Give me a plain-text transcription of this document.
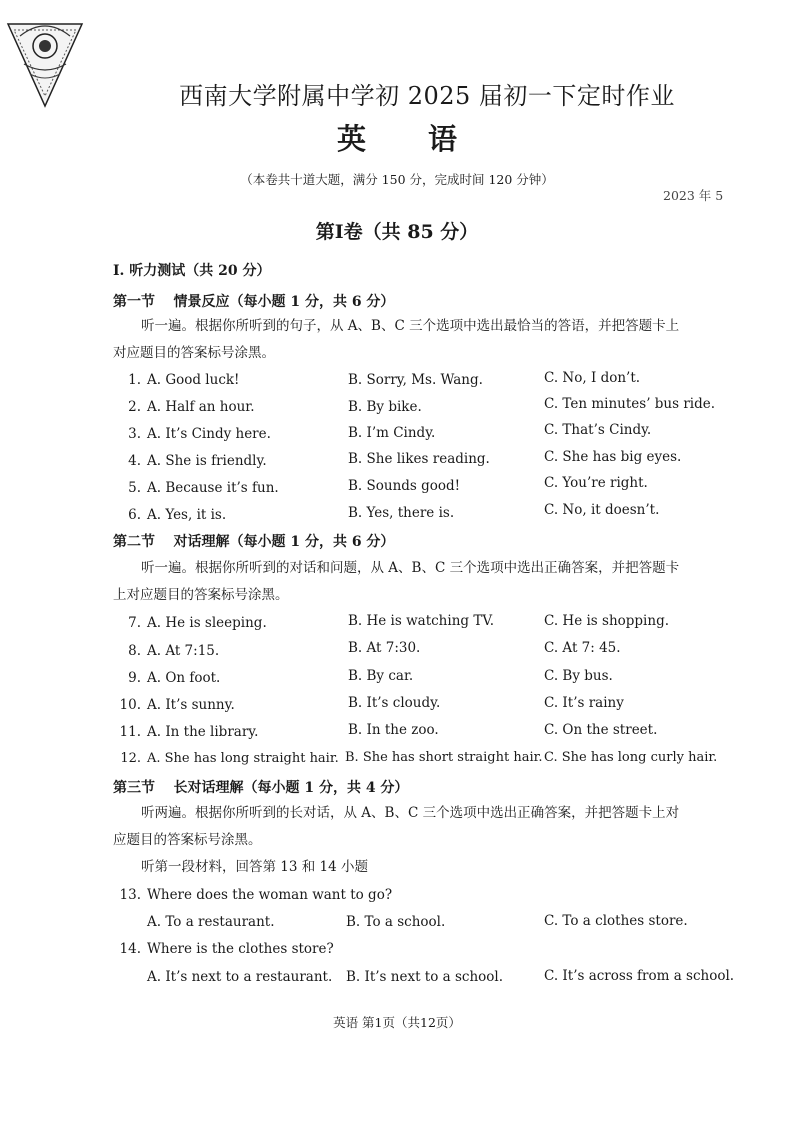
西南大学附属中学初 2025 届初一下定时作业
英语
（本卷共十道大题，满分 150 分，完成时间 120 分钟）
2023 年 5
第Ⅰ卷（共 85 分）
I. 听力测试（共 20 分）
第一节 情景反应（每小题 1 分，共 6 分）
听一遍。根据你所听到的句子，从 A、B、C 三个选项中选出最恰当的答语，并把答题卡上
对应题目的答案标号涂黑。
1. A. Good luck!	B. Sorry, Ms. Wang.	C. No, I don’t.
2. A. Half an hour.	B. By bike.	C. Ten minutes’ bus ride.
3. A. It’s Cindy here.	B. I’m Cindy.	C. That’s Cindy.
4. A. She is friendly.	B. She likes reading.	C. She has big eyes.
5. A. Because it’s fun.	B. Sounds good!	C. You’re right.
6. A. Yes, it is.	B. Yes, there is.	C. No, it doesn’t.
第二节 对话理解（每小题 1 分，共 6 分）
听一遍。根据你所听到的对话和问题，从 A、B、C 三个选项中选出正确答案，并把答题卡
上对应题目的答案标号涂黑。
7. A. He is sleeping.	B. He is watching TV.	C. He is shopping.
8. A. At 7:15.	B. At 7:30.	C. At 7: 45.
9. A. On foot.	B. By car.	C. By bus.
10. A. It’s sunny.	B. It’s cloudy.	C. It’s rainy
11. A. In the library.	B. In the zoo.	C. On the street.
12. A. She has long straight hair. B. She has short straight hair. C. She has long curly hair.
第三节 长对话理解（每小题 1 分，共 4 分）
听两遍。根据你所听到的长对话，从 A、B、C 三个选项中选出正确答案，并把答题卡上对
应题目的答案标号涂黑。
听第一段材料，回答第 13 和 14 小题
13. Where does the woman want to go?
A. To a restaurant.	B. To a school.	C. To a clothes store.
14. Where is the clothes store?
A. It’s next to a restaurant. B. It’s next to a school.	C. It’s across from a school.
英语 第1页（共12页）
